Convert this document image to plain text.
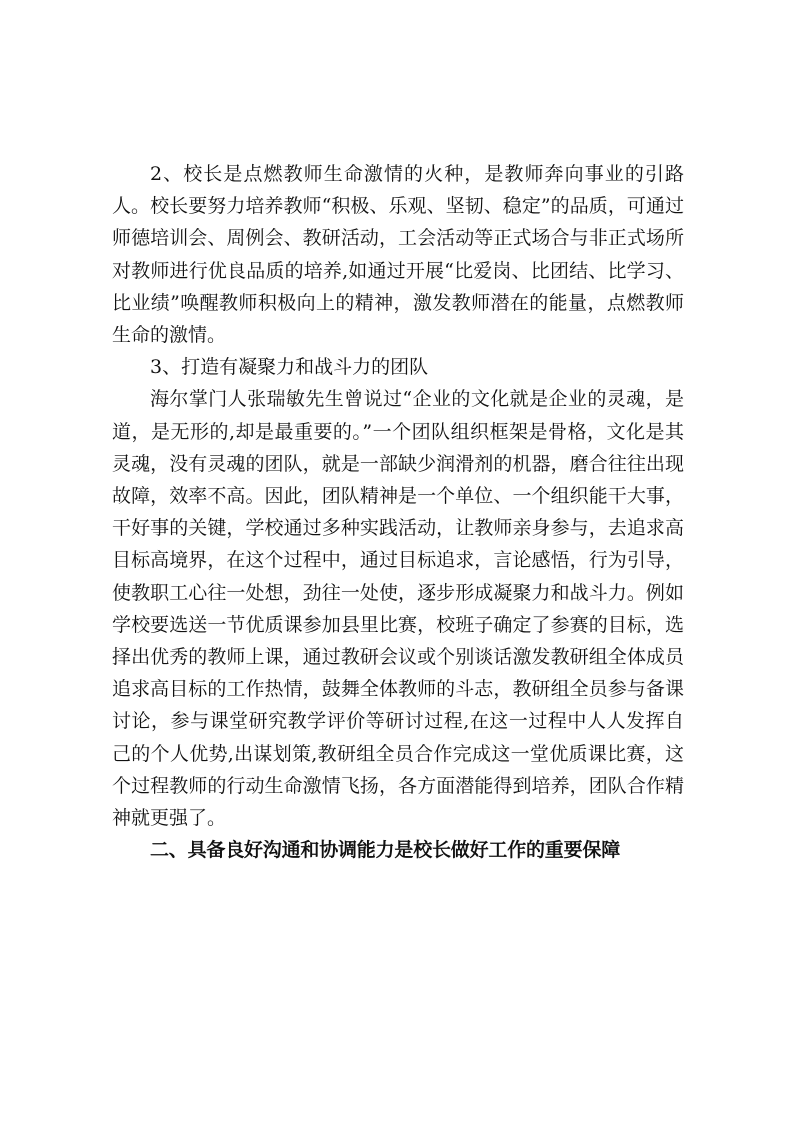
2、校长是点燃教师生命激情的火种，是教师奔向事业的引路人。校长要努力培养教师“积极、乐观、坚韧、稳定”的品质，可通过师德培训会、周例会、教研活动，工会活动等正式场合与非正式场所对教师进行优良品质的培养,如通过开展“比爱岗、比团结、比学习、比业绩”唤醒教师积极向上的精神，激发教师潜在的能量，点燃教师生命的激情。

3、打造有凝聚力和战斗力的团队

海尔掌门人张瑞敏先生曾说过“企业的文化就是企业的灵魂，是道，是无形的,却是最重要的。”一个团队组织框架是骨格，文化是其灵魂，没有灵魂的团队，就是一部缺少润滑剂的机器，磨合往往出现故障，效率不高。因此，团队精神是一个单位、一个组织能干大事，干好事的关键，学校通过多种实践活动，让教师亲身参与，去追求高目标高境界，在这个过程中，通过目标追求，言论感悟，行为引导，使教职工心往一处想，劲往一处使，逐步形成凝聚力和战斗力。例如学校要选送一节优质课参加县里比赛，校班子确定了参赛的目标，选择出优秀的教师上课，通过教研会议或个别谈话激发教研组全体成员追求高目标的工作热情，鼓舞全体教师的斗志，教研组全员参与备课讨论，参与课堂研究教学评价等研讨过程,在这一过程中人人发挥自己的个人优势,出谋划策,教研组全员合作完成这一堂优质课比赛，这个过程教师的行动生命激情飞扬，各方面潜能得到培养，团队合作精神就更强了。

二、具备良好沟通和协调能力是校长做好工作的重要保障
